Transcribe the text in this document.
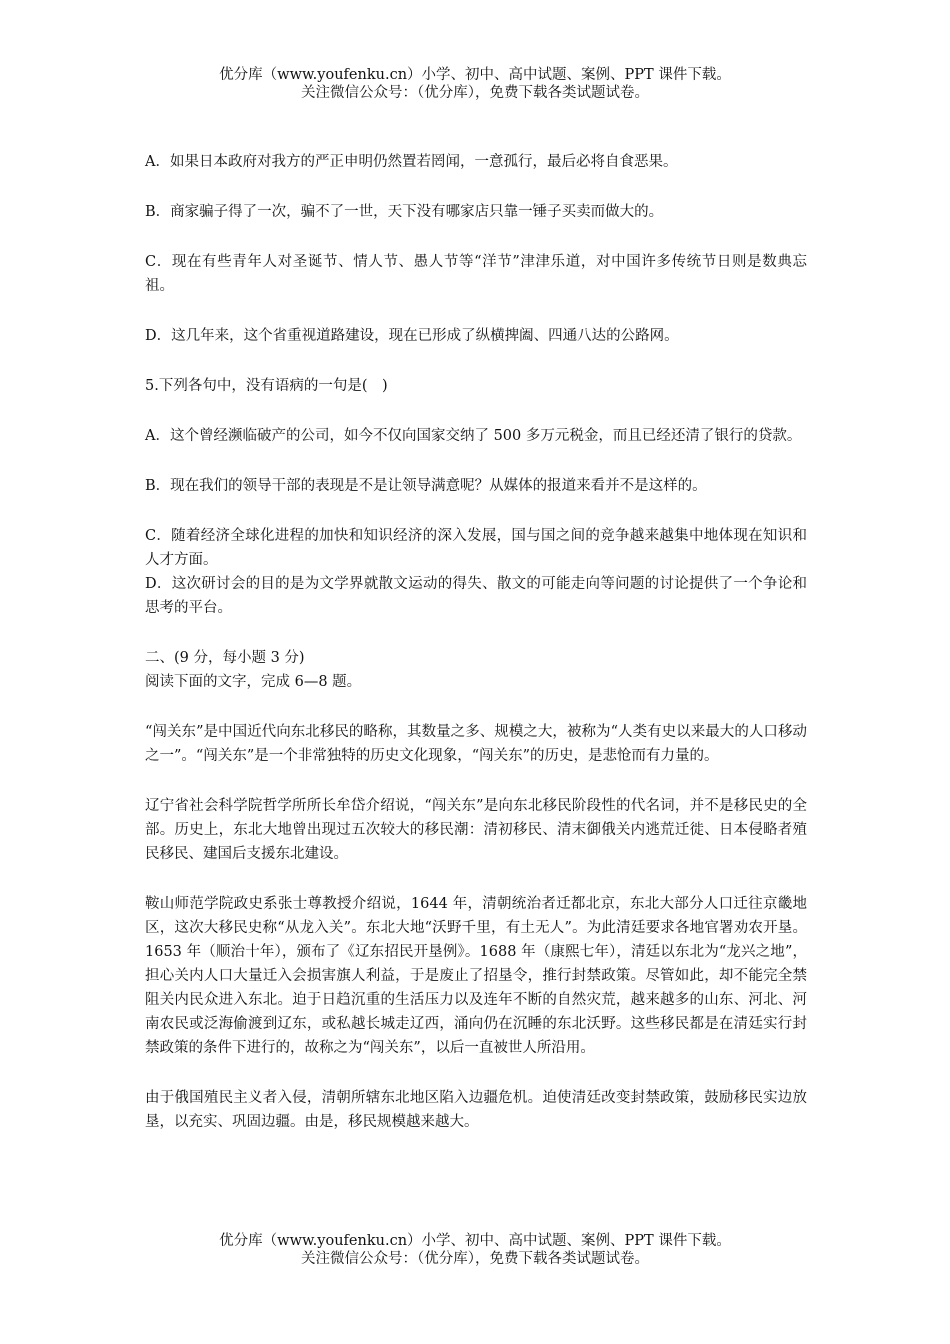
优分库（www.youfenku.cn）小学、初中、高中试题、案例、PPT 课件下载。
关注微信公众号：（优分库），免费下载各类试题试卷。

A．如果日本政府对我方的严正申明仍然置若罔闻，一意孤行，最后必将自食恶果。

B．商家骗子得了一次，骗不了一世，天下没有哪家店只靠一锤子买卖而做大的。

C．现在有些青年人对圣诞节、情人节、愚人节等“洋节”津津乐道，对中国许多传统节日则是数典忘祖。

D．这几年来，这个省重视道路建设，现在已形成了纵横捭阖、四通八达的公路网。

5.下列各句中，没有语病的一句是(　)

A．这个曾经濒临破产的公司，如今不仅向国家交纳了 500 多万元税金，而且已经还清了银行的贷款。

B．现在我们的领导干部的表现是不是让领导满意呢？从媒体的报道来看并不是这样的。

C．随着经济全球化进程的加快和知识经济的深入发展，国与国之间的竞争越来越集中地体现在知识和人才方面。

D．这次研讨会的目的是为文学界就散文运动的得失、散文的可能走向等问题的讨论提供了一个争论和思考的平台。

二、(9 分，每小题 3 分)

阅读下面的文字，完成 6—8 题。

“闯关东”是中国近代向东北移民的略称，其数量之多、规模之大，被称为“人类有史以来最大的人口移动之一”。“闯关东”是一个非常独特的历史文化现象，“闯关东”的历史，是悲怆而有力量的。

辽宁省社会科学院哲学所所长牟岱介绍说，“闯关东”是向东北移民阶段性的代名词，并不是移民史的全部。历史上，东北大地曾出现过五次较大的移民潮：清初移民、清末御俄关内逃荒迁徙、日本侵略者殖民移民、建国后支援东北建设。

鞍山师范学院政史系张士尊教授介绍说，1644 年，清朝统治者迁都北京，东北大部分人口迁往京畿地区，这次大移民史称“从龙入关”。东北大地“沃野千里，有土无人”。为此清廷要求各地官署劝农开垦。1653 年（顺治十年），颁布了《辽东招民开垦例》。1688 年（康熙七年），清廷以东北为“龙兴之地”，担心关内人口大量迁入会损害旗人利益，于是废止了招垦令，推行封禁政策。尽管如此，却不能完全禁阻关内民众进入东北。迫于日趋沉重的生活压力以及连年不断的自然灾荒，越来越多的山东、河北、河南农民或泛海偷渡到辽东，或私越长城走辽西，涌向仍在沉睡的东北沃野。这些移民都是在清廷实行封禁政策的条件下进行的，故称之为“闯关东”，以后一直被世人所沿用。

由于俄国殖民主义者入侵，清朝所辖东北地区陷入边疆危机。迫使清廷改变封禁政策，鼓励移民实边放垦，以充实、巩固边疆。由是，移民规模越来越大。

优分库（www.youfenku.cn）小学、初中、高中试题、案例、PPT 课件下载。
关注微信公众号：（优分库），免费下载各类试题试卷。
